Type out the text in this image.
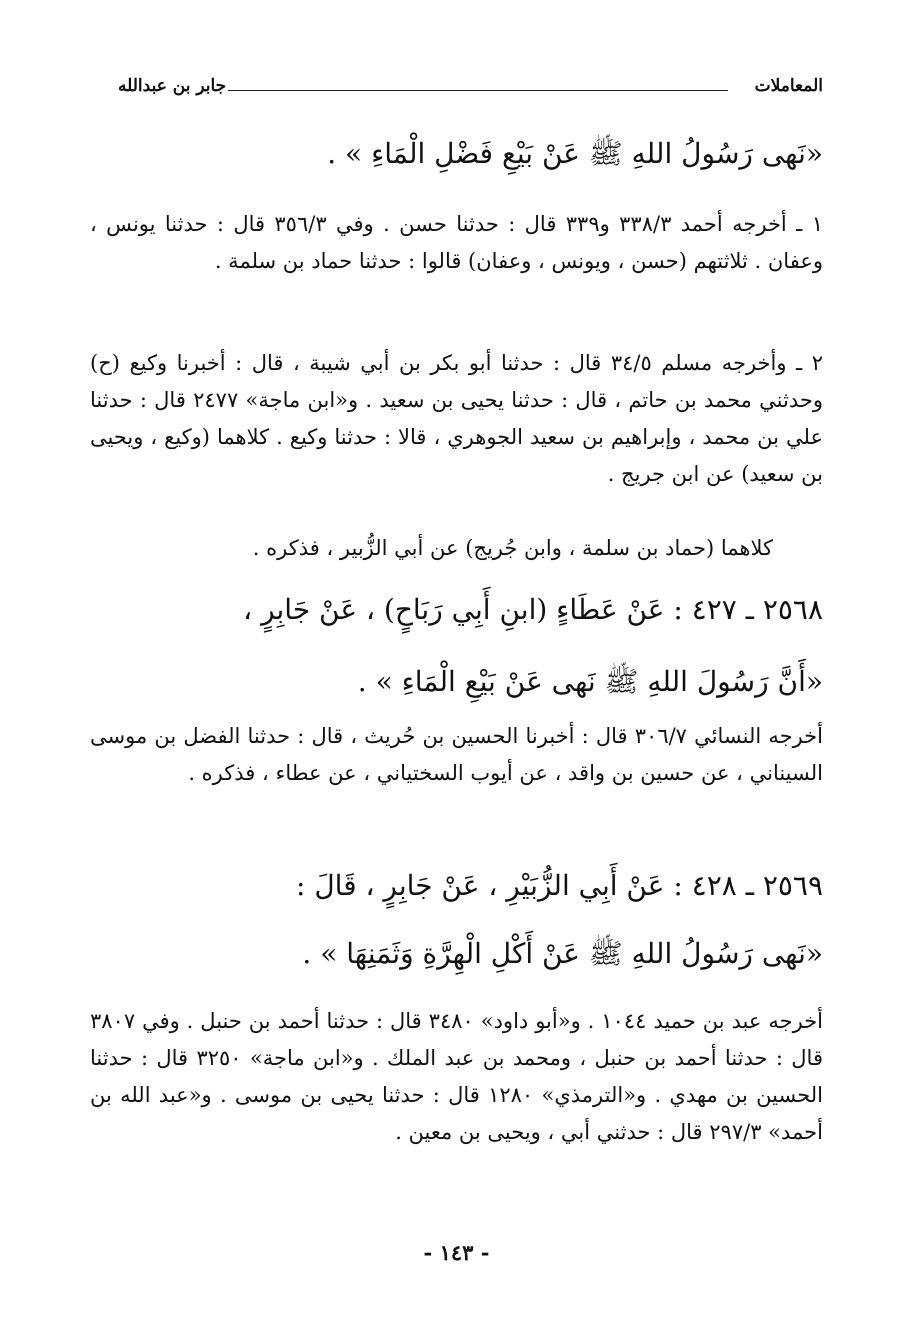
المعاملات
جابر بن عبدالله
«نَهى رَسُولُ اللهِ ﷺ عَنْ بَيْعِ فَضْلِ الْمَاءِ » .
١ ـ أخرجه أحمد ٣٣٨/٣ و٣٣٩ قال : حدثنا حسن . وفي ٣٥٦/٣ قال : حدثنا يونس ، وعفان . ثلاثتهم (حسن ، ويونس ، وعفان) قالوا : حدثنا حماد بن سلمة .
٢ ـ وأخرجه مسلم ٣٤/٥ قال : حدثنا أبو بكر بن أبي شيبة ، قال : أخبرنا وكيع (ح) وحدثني محمد بن حاتم ، قال : حدثنا يحيى بن سعيد . و«ابن ماجة» ٢٤٧٧ قال : حدثنا علي بن محمد ، وإبراهيم بن سعيد الجوهري ، قالا : حدثنا وكيع . كلاهما (وكيع ، ويحيى بن سعيد) عن ابن جريج .
كلاهما (حماد بن سلمة ، وابن جُريج) عن أبي الزُّبير ، فذكره .
٢٥٦٨ ـ ٤٢٧ : عَنْ عَطَاءٍ (ابنِ أَبِي رَبَاحٍ) ، عَنْ جَابِرٍ ،
«أَنَّ رَسُولَ اللهِ ﷺ نَهى عَنْ بَيْعِ الْمَاءِ » .
أخرجه النسائي ٣٠٦/٧ قال : أخبرنا الحسين بن حُريث ، قال : حدثنا الفضل بن موسى السيناني ، عن حسين بن واقد ، عن أيوب السختياني ، عن عطاء ، فذكره .
٢٥٦٩ ـ ٤٢٨ : عَنْ أَبِي الزُّبَيْرِ ، عَنْ جَابِرٍ ، قَالَ :
«نَهى رَسُولُ اللهِ ﷺ عَنْ أَكْلِ الْهِرَّةِ وَثَمَنِهَا » .
أخرجه عبد بن حميد ١٠٤٤ . و«أبو داود» ٣٤٨٠ قال : حدثنا أحمد بن حنبل . وفي ٣٨٠٧ قال : حدثنا أحمد بن حنبل ، ومحمد بن عبد الملك . و«ابن ماجة» ٣٢٥٠ قال : حدثنا الحسين بن مهدي . و«الترمذي» ١٢٨٠ قال : حدثنا يحيى بن موسى . و«عبد الله بن أحمد» ٢٩٧/٣ قال : حدثني أبي ، ويحيى بن معين .
- ١٤٣ -
